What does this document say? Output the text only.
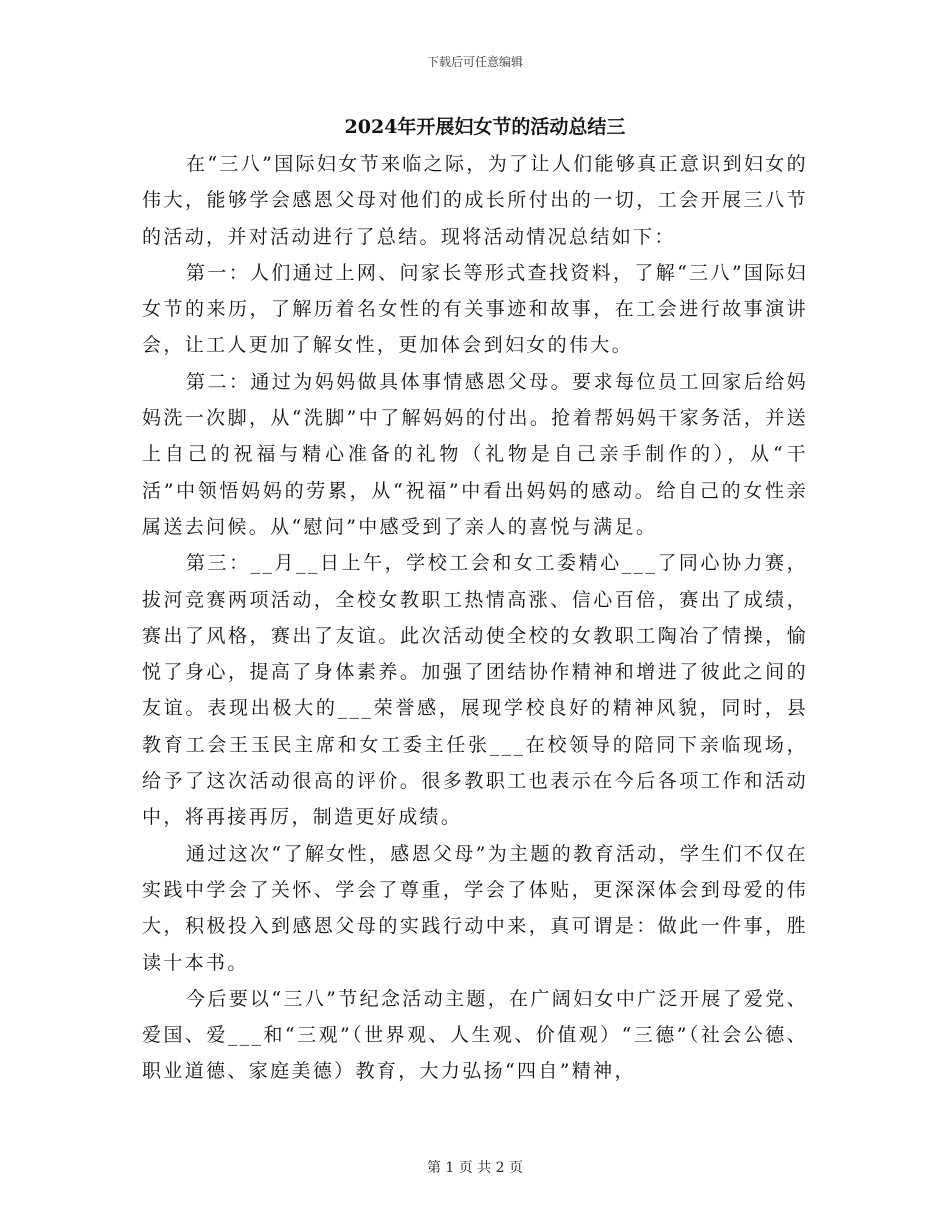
下载后可任意编辑
2024年开展妇女节的活动总结三

在“三八”国际妇女节来临之际，为了让人们能够真正意识到妇女的伟大，能够学会感恩父母对他们的成长所付出的一切，工会开展三八节的活动，并对活动进行了总结。现将活动情况总结如下：

第一：人们通过上网、问家长等形式查找资料，了解“三八”国际妇女节的来历，了解历着名女性的有关事迹和故事，在工会进行故事演讲会，让工人更加了解女性，更加体会到妇女的伟大。

第二：通过为妈妈做具体事情感恩父母。要求每位员工回家后给妈妈洗一次脚，从“洗脚”中了解妈妈的付出。抢着帮妈妈干家务活，并送上自己的祝福与精心准备的礼物（礼物是自己亲手制作的），从“干活”中领悟妈妈的劳累，从“祝福”中看出妈妈的感动。给自己的女性亲属送去问候。从“慰问”中感受到了亲人的喜悦与满足。

第三：__月__日上午，学校工会和女工委精心___了同心协力赛，拔河竞赛两项活动，全校女教职工热情高涨、信心百倍，赛出了成绩，赛出了风格，赛出了友谊。此次活动使全校的女教职工陶冶了情操，愉悦了身心，提高了身体素养。加强了团结协作精神和增进了彼此之间的友谊。表现出极大的___荣誉感，展现学校良好的精神风貌，同时，县教育工会王玉民主席和女工委主任张___在校领导的陪同下亲临现场，给予了这次活动很高的评价。很多教职工也表示在今后各项工作和活动中，将再接再厉，制造更好成绩。

通过这次“了解女性，感恩父母”为主题的教育活动，学生们不仅在实践中学会了关怀、学会了尊重，学会了体贴，更深深体会到母爱的伟大，积极投入到感恩父母的实践行动中来，真可谓是：做此一件事，胜读十本书。

今后要以“三八”节纪念活动主题，在广阔妇女中广泛开展了爱党、爱国、爱___和“三观”（世界观、人生观、价值观）“三德”（社会公德、职业道德、家庭美德）教育，大力弘扬“四自”精神，

第 1 页 共 2 页
